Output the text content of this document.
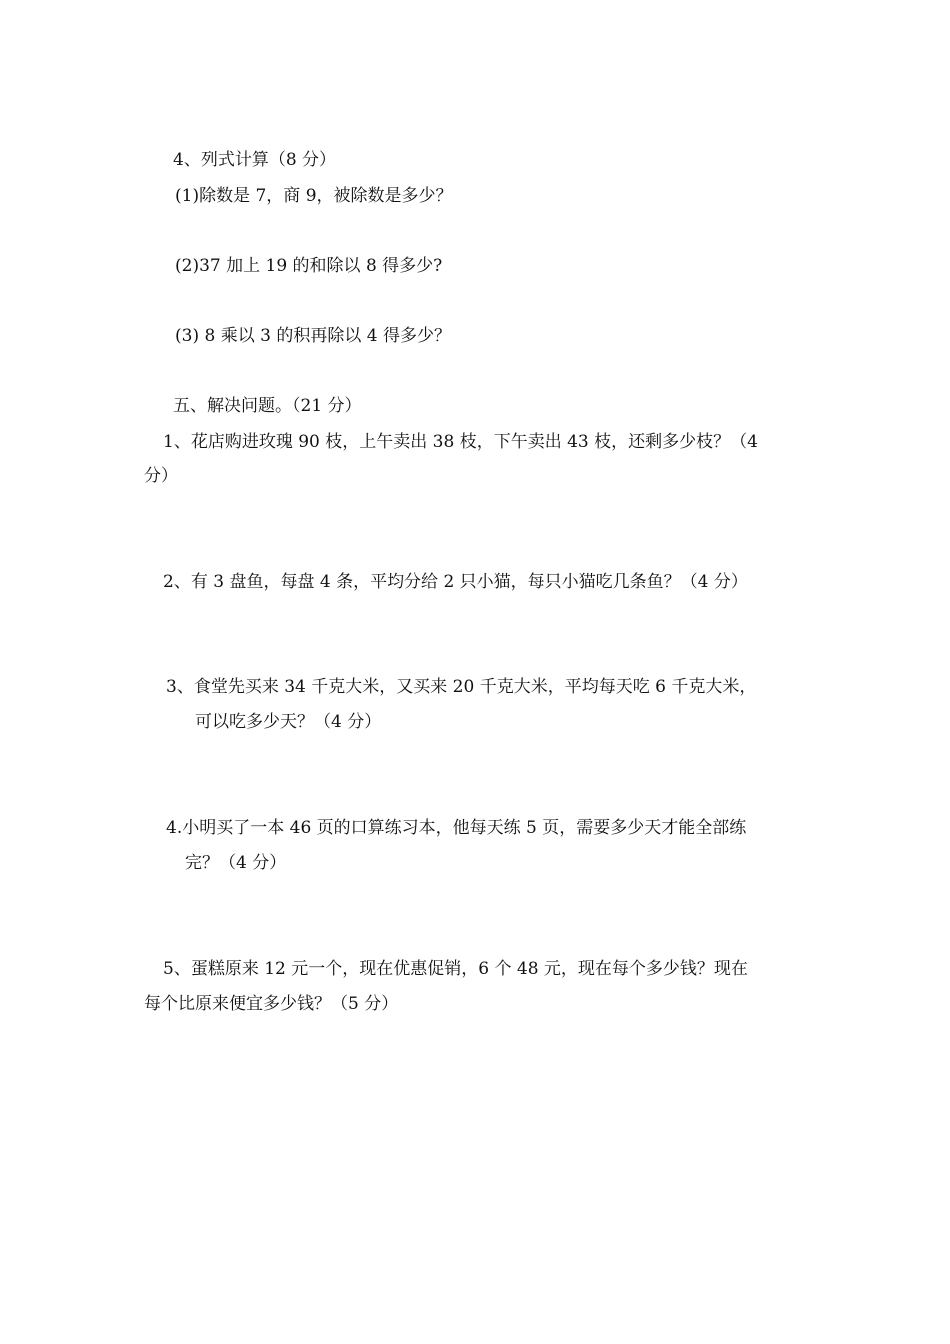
4、列式计算（8 分）

(1)除数是 7，商 9，被除数是多少？

(2)37 加上 19 的和除以 8 得多少?

(3) 8 乘以 3 的积再除以 4 得多少？

五、解决问题。（21 分）

1、花店购进玫瑰 90 枝，上午卖出 38 枝，下午卖出 43 枝，还剩多少枝？（4

分）

2、有 3 盘鱼，每盘 4 条，平均分给 2 只小猫，每只小猫吃几条鱼？（4 分）

3、食堂先买来 34 千克大米，又买来 20 千克大米，平均每天吃 6 千克大米，

可以吃多少天？（4 分）

4.小明买了一本 46 页的口算练习本，他每天练 5 页，需要多少天才能全部练

完？（4 分）

5、蛋糕原来 12 元一个，现在优惠促销，6 个 48 元，现在每个多少钱？现在

每个比原来便宜多少钱？（5 分）
